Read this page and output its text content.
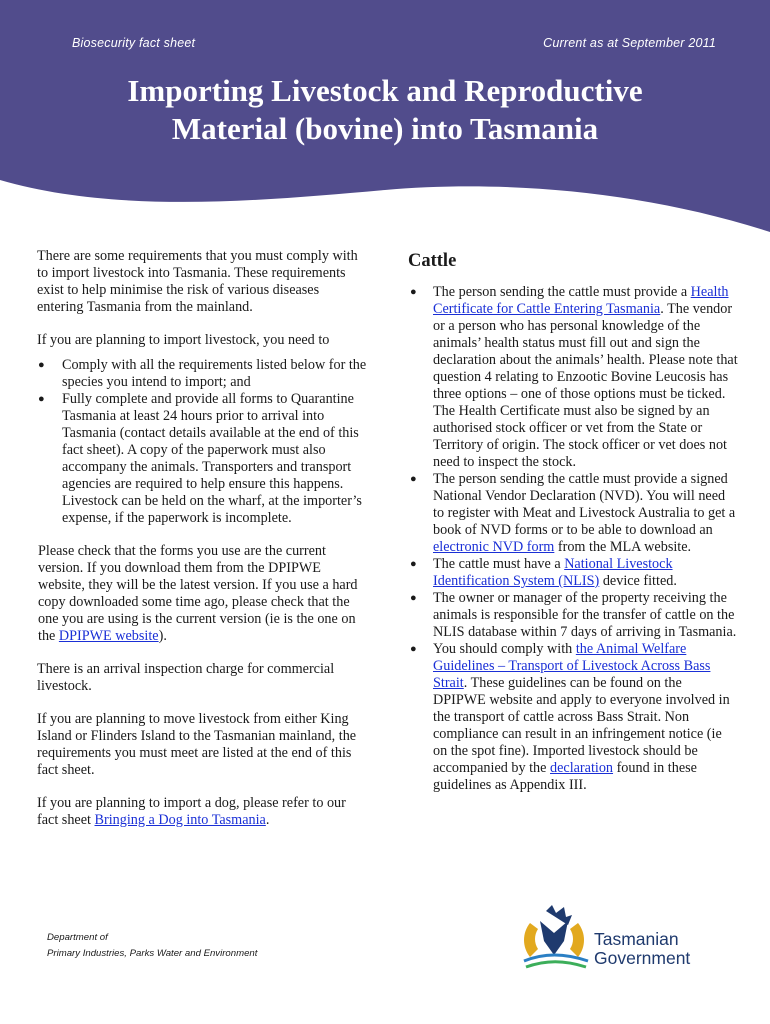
Biosecurity fact sheet	Current as at September 2011
Importing Livestock and Reproductive
Material (bovine) into Tasmania

There are some requirements that you must comply with to import livestock into Tasmania. These requirements exist to help minimise the risk of various diseases entering Tasmania from the mainland.

If you are planning to import livestock, you need to

● Comply with all the requirements listed below for the species you intend to import; and
● Fully complete and provide all forms to Quarantine Tasmania at least 24 hours prior to arrival into Tasmania (contact details available at the end of this fact sheet). A copy of the paperwork must also accompany the animals. Transporters and transport agencies are required to help ensure this happens. Livestock can be held on the wharf, at the importer’s expense, if the paperwork is incomplete.

Please check that the forms you use are the current version. If you download them from the DPIPWE website, they will be the latest version. If you use a hard copy downloaded some time ago, please check that the one you are using is the current version (ie is the one on the DPIPWE website).

There is an arrival inspection charge for commercial livestock.

If you are planning to move livestock from either King Island or Flinders Island to the Tasmanian mainland, the requirements you must meet are listed at the end of this fact sheet.

If you are planning to import a dog, please refer to our fact sheet Bringing a Dog into Tasmania.

Cattle
● The person sending the cattle must provide a Health Certificate for Cattle Entering Tasmania. The vendor or a person who has personal knowledge of the animals’ health status must fill out and sign the declaration about the animals’ health. Please note that question 4 relating to Enzootic Bovine Leucosis has three options – one of those options must be ticked. The Health Certificate must also be signed by an authorised stock officer or vet from the State or Territory of origin. The stock officer or vet does not need to inspect the stock.
● The person sending the cattle must provide a signed National Vendor Declaration (NVD). You will need to register with Meat and Livestock Australia to get a book of NVD forms or to be able to download an electronic NVD form from the MLA website.
● The cattle must have a National Livestock Identification System (NLIS) device fitted.
● The owner or manager of the property receiving the animals is responsible for the transfer of cattle on the NLIS database within 7 days of arriving in Tasmania.
● You should comply with the Animal Welfare Guidelines – Transport of Livestock Across Bass Strait. These guidelines can be found on the DPIPWE website and apply to everyone involved in the transport of cattle across Bass Strait. Non compliance can result in an infringement notice (ie on the spot fine). Imported livestock should be accompanied by the declaration found in these guidelines as Appendix III.
Department of
Primary Industries, Parks Water and Environment
Tasmanian
Government
